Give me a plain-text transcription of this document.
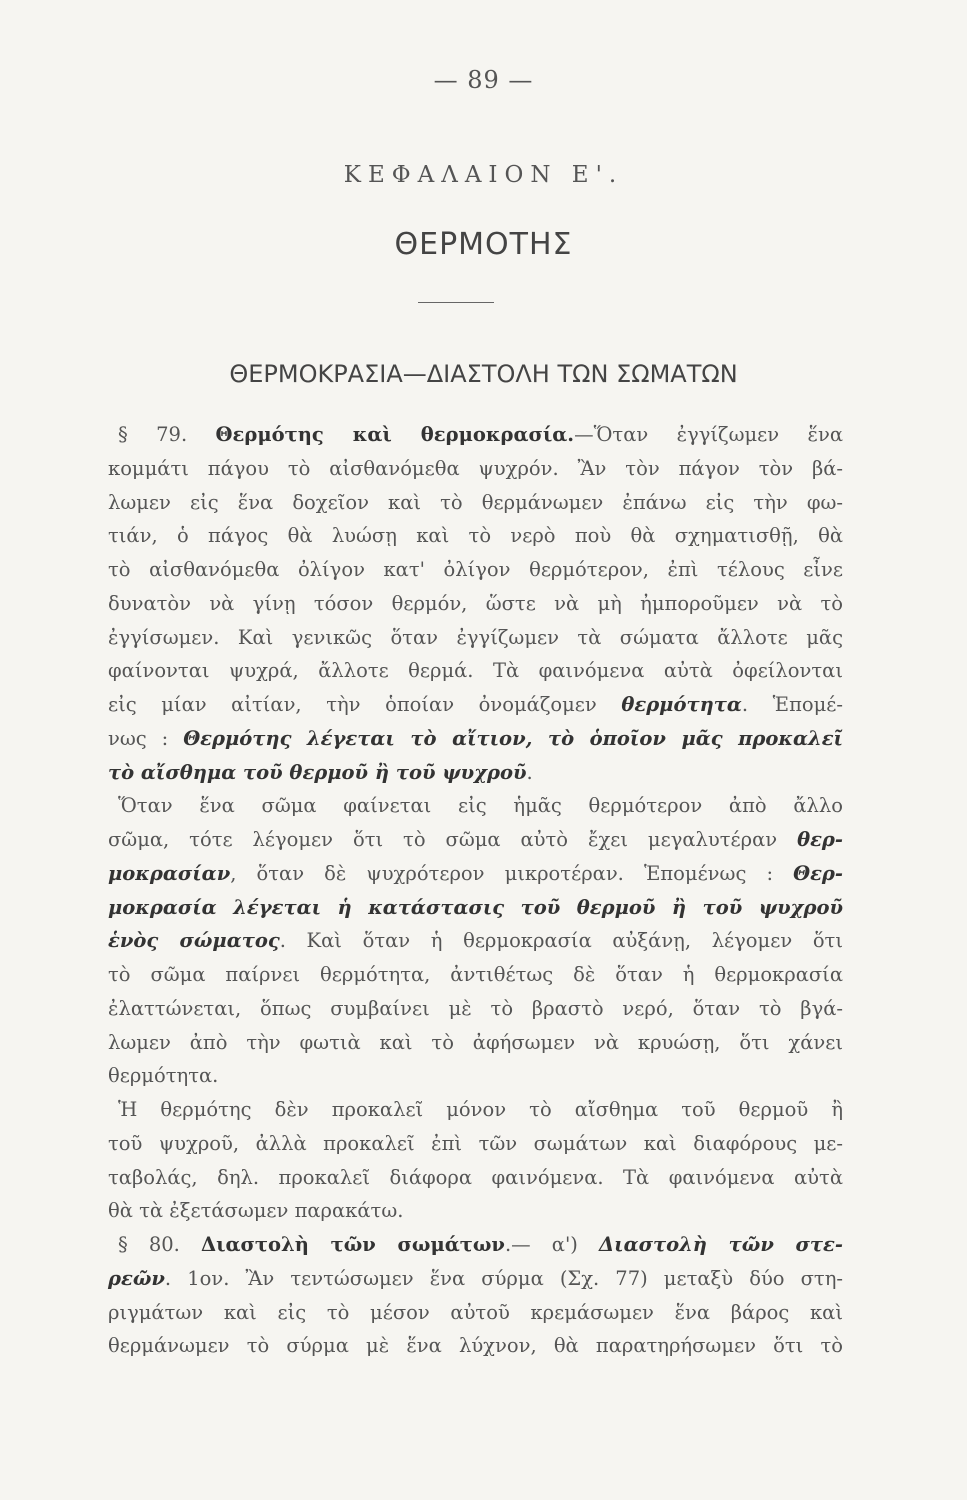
— 89 —
ΚΕΦΑΛΑΙΟΝ Ε'.
ΘΕΡΜΟΤΗΣ
ΘΕΡΜΟΚΡΑΣΙΑ—ΔΙΑΣΤΟΛΗ ΤΩΝ ΣΩΜΑΤΩΝ
§ 79. Θερμότης καὶ θερμοκρασία.—Ὅταν ἐγγίζωμεν ἕνα
κομμάτι πάγου τὸ αἰσθανόμεθα ψυχρόν. Ἂν τὸν πάγον τὸν βά-
λωμεν εἰς ἕνα δοχεῖον καὶ τὸ θερμάνωμεν ἐπάνω εἰς τὴν φω-
τιάν, ὁ πάγος θὰ λυώσῃ καὶ τὸ νερὸ ποὺ θὰ σχηματισθῇ, θὰ
τὸ αἰσθανόμεθα ὀλίγον κατ' ὀλίγον θερμότερον, ἐπὶ τέλους εἶνε
δυνατὸν νὰ γίνῃ τόσον θερμόν, ὥστε νὰ μὴ ἠμποροῦμεν νὰ τὸ
ἐγγίσωμεν. Καὶ γενικῶς ὅταν ἐγγίζωμεν τὰ σώματα ἄλλοτε μᾶς
φαίνονται ψυχρά, ἄλλοτε θερμά. Τὰ φαινόμενα αὐτὰ ὀφείλονται
εἰς μίαν αἰτίαν, τὴν ὁποίαν ὀνομάζομεν θερμότητα. Ἑπομέ-
νως : Θερμότης λέγεται τὸ αἴτιον, τὸ ὁποῖον μᾶς προκαλεῖ
τὸ αἴσθημα τοῦ θερμοῦ ἢ τοῦ ψυχροῦ.
Ὅταν ἕνα σῶμα φαίνεται εἰς ἡμᾶς θερμότερον ἀπὸ ἄλλο
σῶμα, τότε λέγομεν ὅτι τὸ σῶμα αὐτὸ ἔχει μεγαλυτέραν θερ-
μοκρασίαν, ὅταν δὲ ψυχρότερον μικροτέραν. Ἑπομένως : Θερ-
μοκρασία λέγεται ἡ κατάστασις τοῦ θερμοῦ ἢ τοῦ ψυχροῦ
ἑνὸς σώματος. Καὶ ὅταν ἡ θερμοκρασία αὐξάνῃ, λέγομεν ὅτι
τὸ σῶμα παίρνει θερμότητα, ἀντιθέτως δὲ ὅταν ἡ θερμοκρασία
ἐλαττώνεται, ὅπως συμβαίνει μὲ τὸ βραστὸ νερό, ὅταν τὸ βγά-
λωμεν ἀπὸ τὴν φωτιὰ καὶ τὸ ἀφήσωμεν νὰ κρυώσῃ, ὅτι χάνει
θερμότητα.
Ἡ θερμότης δὲν προκαλεῖ μόνον τὸ αἴσθημα τοῦ θερμοῦ ἢ
τοῦ ψυχροῦ, ἀλλὰ προκαλεῖ ἐπὶ τῶν σωμάτων καὶ διαφόρους με-
ταβολάς, δηλ. προκαλεῖ διάφορα φαινόμενα. Τὰ φαινόμενα αὐτὰ
θὰ τὰ ἐξετάσωμεν παρακάτω.
§ 80. Διαστολὴ τῶν σωμάτων.— α') Διαστολὴ τῶν στε-
ρεῶν. 1ον. Ἂν τεντώσωμεν ἕνα σύρμα (Σχ. 77) μεταξὺ δύο στη-
ριγμάτων καὶ εἰς τὸ μέσον αὐτοῦ κρεμάσωμεν ἕνα βάρος καὶ
θερμάνωμεν τὸ σύρμα μὲ ἕνα λύχνον, θὰ παρατηρήσωμεν ὅτι τὸ
